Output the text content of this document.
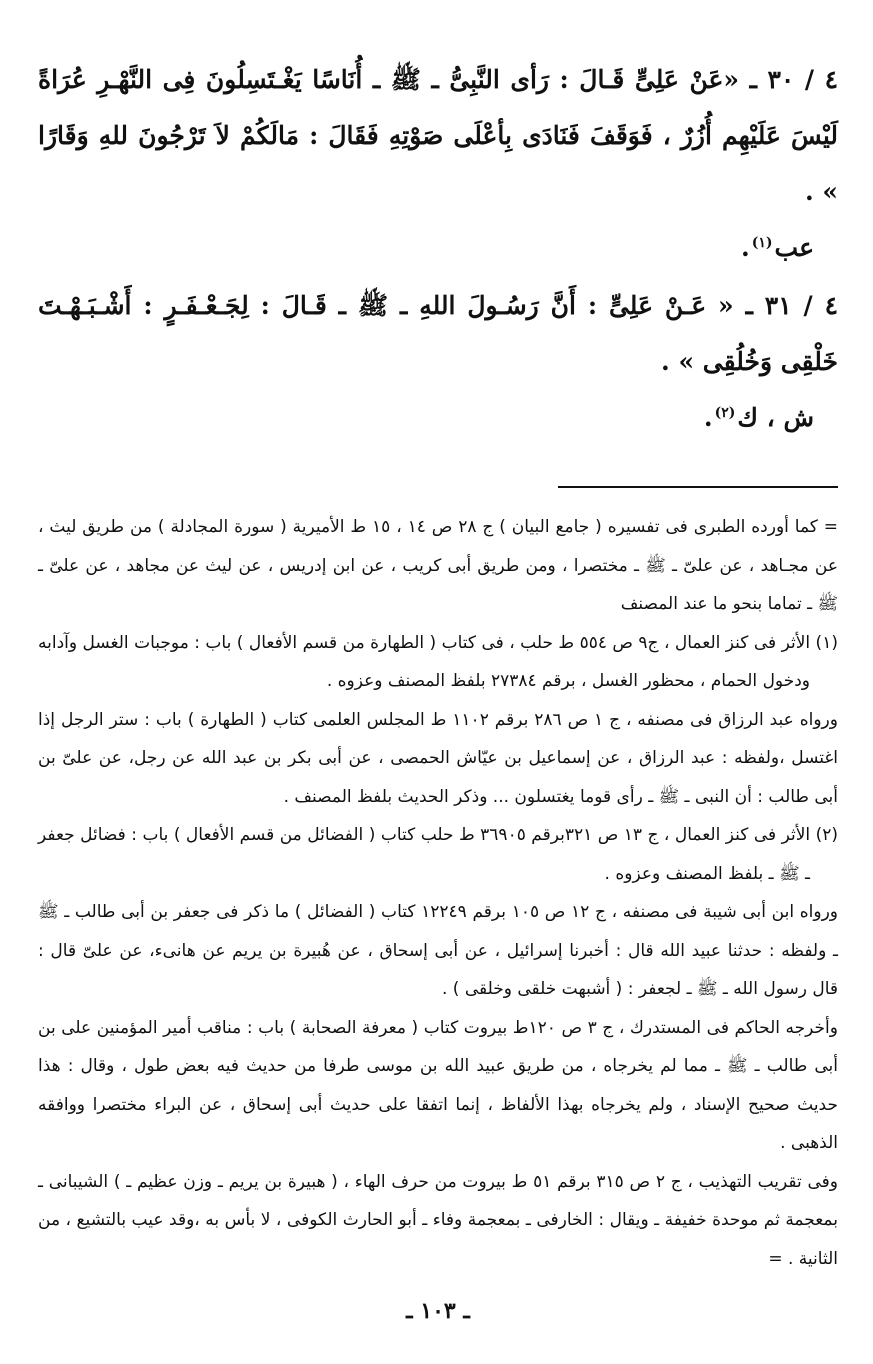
٤ / ٣٠ ـ «عَنْ عَلِىٍّ قَـالَ : رَأى النَّبِىُّ ـ ﷺ ـ أُنَاسًا يَغْـتَسِلُونَ فِى النَّهْـرِ عُرَاةً لَيْسَ عَلَيْهِم أُزُرٌ ، فَوَقَفَ فَنَادَى بِأعْلَى صَوْتِهِ فَقَالَ : مَالَكُمْ لاَ تَرْجُونَ للهِ وَقَارًا » .

عب$^{(١)}$.

٤ / ٣١ ـ « عَـنْ عَلِىٍّ : أَنَّ رَسُـولَ اللهِ ـ ﷺ ـ قَـالَ : لِجَـعْـفَـرٍ : أَشْـبَـهْـتَ خَلْقِى وَخُلُقِى » .

ش ، ك$^{(٢)}$.

= كما أورده الطبرى فى تفسيره ( جامع البيان ) ج ٢٨ ص ١٤ ، ١٥ ط الأميرية ( سورة المجادلة ) من طريق ليث ، عن مجـاهد ، عن علىّ ـ ﷺ ـ مختصرا ، ومن طريق أبى كريب ، عن ابن إدريس ، عن ليث عن مجاهد ، عن علىّ ـ ﷺ ـ تماما بنحو ما عند المصنف

(١) الأثر فى كنز العمال ، ج٩ ص ٥٥٤ ط حلب ، فى كتاب ( الطهارة من قسم الأفعال ) باب : موجبات الغسل وآدابه ودخول الحمام ، محظور الغسل ، برقم ٢٧٣٨٤ بلفظ المصنف وعزوه .

ورواه عبد الرزاق فى مصنفه ، ج ١ ص ٢٨٦ برقم ١١٠٢ ط المجلس العلمى كتاب ( الطهارة ) باب : ستر الرجل إذا اغتسل ،ولفظه : عبد الرزاق ، عن إسماعيل بن عيّاش الحمصى ، عن أبى بكر بن عبد الله عن رجل، عن علىّ بن أبى طالب : أن النبى ـ ﷺ ـ رأى قوما يغتسلون ... وذكر الحديث بلفظ المصنف .

(٢) الأثر فى كنز العمال ، ج ١٣ ص ٣٢١برقم ٣٦٩٠٥ ط حلب كتاب ( الفضائل من قسم الأفعال ) باب : فضائل جعفر ـ ﷺ ـ بلفظ المصنف وعزوه .

ورواه ابن أبى شيبة فى مصنفه ، ج ١٢ ص ١٠٥ برقم ١٢٢٤٩ كتاب ( الفضائل ) ما ذكر فى جعفر بن أبى طالب ـ ﷺ ـ ولفظه : حدثنا عبيد الله قال : أخبرنا إسرائيل ، عن أبى إسحاق ، عن هُبيرة بن يريم عن هانىء، عن علىّ قال : قال رسول الله ـ ﷺ ـ لجعفر : ( أشبهت خلقى وخلقى ) .

وأخرجه الحاكم فى المستدرك ، ج ٣ ص ١٢٠ط بيروت كتاب ( معرفة الصحابة ) باب : مناقب أمير المؤمنين على بن أبى طالب ـ ﷺ ـ مما لم يخرجاه ، من طريق عبيد الله بن موسى طرفا من حديث فيه بعض طول ، وقال : هذا حديث صحيح الإسناد ، ولم يخرجاه بهذا الألفاظ ، إنما اتفقا على حديث أبى إسحاق ، عن البراء مختصرا ووافقه الذهبى .

وفى تقريب التهذيب ، ج ٢ ص ٣١٥ برقم ٥١ ط بيروت من حرف الهاء ، ( هبيرة بن يريم ـ وزن عظيم ـ ) الشيبانى ـ بمعجمة ثم موحدة خفيفة ـ ويقال : الخارفى ـ بمعجمة وفاء ـ أبو الحارث الكوفى ، لا بأس به ،وقد عيب بالتشيع ، من الثانية . =

ـ ١٠٣ ـ
